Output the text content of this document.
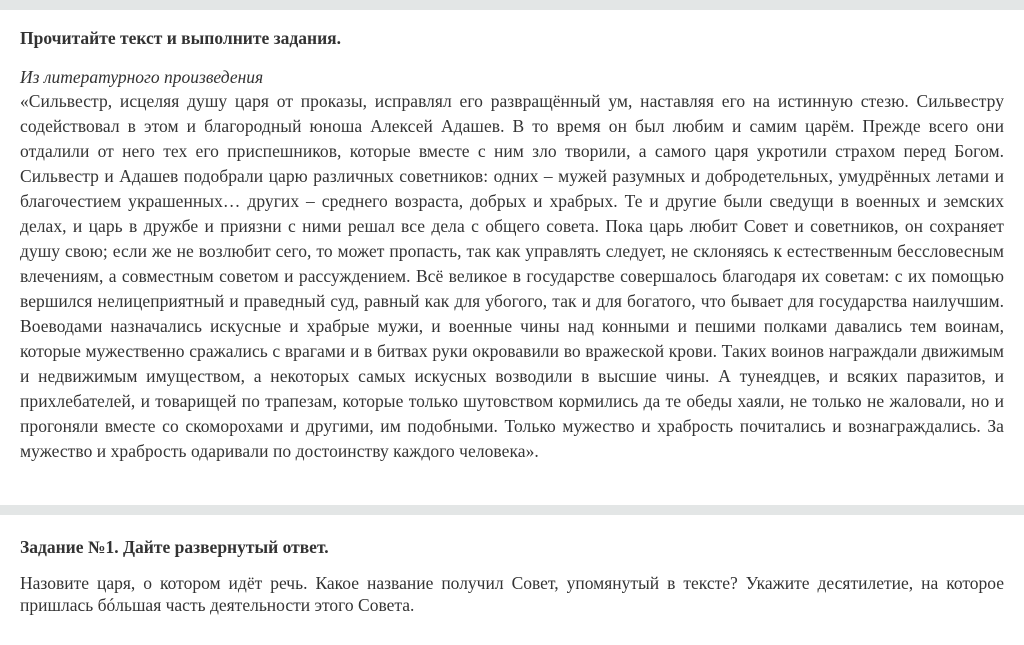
Прочитайте текст и выполните задания.

Из литературного произведения

«Сильвестр, исцеляя душу царя от проказы, исправлял его развращённый ум, наставляя его на истинную стезю. Сильвестру содействовал в этом и благородный юноша Алексей Адашев. В то время он был любим и самим царём. Прежде всего они отдалили от него тех его приспешников, которые вместе с ним зло творили, а самого царя укротили страхом перед Богом. Сильвестр и Адашев подобрали царю различных советников: одних – мужей разумных и добродетельных, умудрённых летами и благочестием украшенных… других – среднего возраста, добрых и храбрых. Те и другие были сведущи в военных и земских делах, и царь в дружбе и приязни с ними решал все дела с общего совета. Пока царь любит Совет и советников, он сохраняет душу свою; если же не возлюбит сего, то может пропасть, так как управлять следует, не склоняясь к естественным бессловесным влечениям, а совместным советом и рассуждением. Всё великое в государстве совершалось благодаря их советам: с их помощью вершился нелицеприятный и праведный суд, равный как для убогого, так и для богатого, что бывает для государства наилучшим. Воеводами назначались искусные и храбрые мужи, и военные чины над конными и пешими полками давались тем воинам, которые мужественно сражались с врагами и в битвах руки окровавили во вражеской крови. Таких воинов награждали движимым и недвижимым имуществом, а некоторых самых искусных возводили в высшие чины. А тунеядцев, и всяких паразитов, и прихлебателей, и товарищей по трапезам, которые только шутовством кормились да те обеды хаяли, не только не жаловали, но и прогоняли вместе со скоморохами и другими, им подобными. Только мужество и храбрость почитались и вознаграждались. За мужество и храбрость одаривали по достоинству каждого человека».

Задание №1. Дайте развернутый ответ.

Назовите царя, о котором идёт речь. Какое название получил Совет, упомянутый в тексте? Укажите десятилетие, на которое пришлась бóльшая часть деятельности этого Совета.
